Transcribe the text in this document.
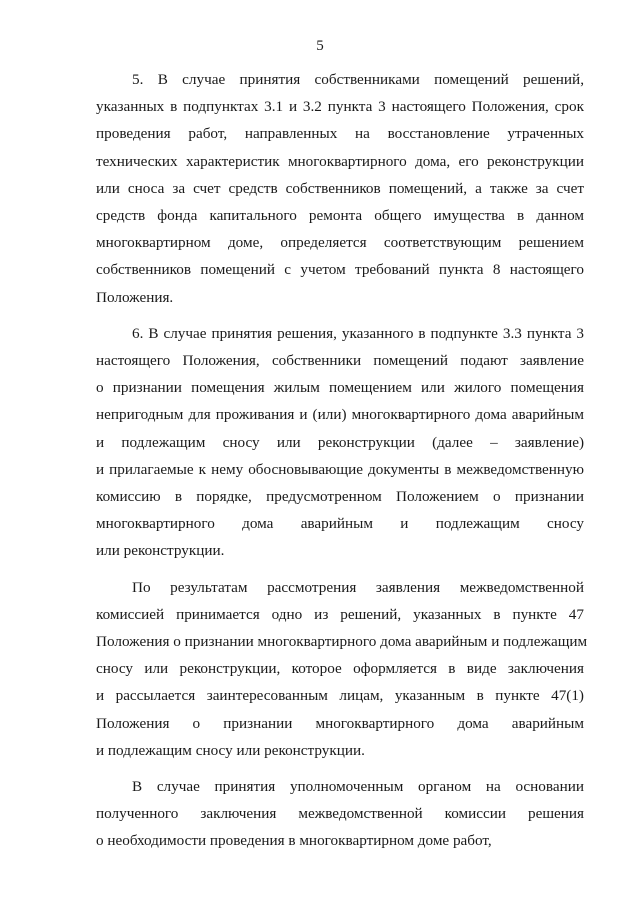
5
5. В случае принятия собственниками помещений решений,
указанных в подпунктах 3.1 и 3.2 пункта 3 настоящего Положения, срок
проведения работ, направленных на восстановление утраченных
технических характеристик многоквартирного дома, его реконструкции
или сноса за счет средств собственников помещений, а также за счет
средств фонда капитального ремонта общего имущества в данном
многоквартирном доме, определяется соответствующим решением
собственников помещений с учетом требований пункта 8 настоящего
Положения.
6. В случае принятия решения, указанного в подпункте 3.3 пункта 3
настоящего Положения, собственники помещений подают заявление
о признании помещения жилым помещением или жилого помещения
непригодным для проживания и (или) многоквартирного дома аварийным
и подлежащим сносу или реконструкции (далее – заявление)
и прилагаемые к нему обосновывающие документы в межведомственную
комиссию в порядке, предусмотренном Положением о признании
многоквартирного дома аварийным и подлежащим сносу
или реконструкции.
По результатам рассмотрения заявления межведомственной
комиссией принимается одно из решений, указанных в пункте 47
Положения о признании многоквартирного дома аварийным и подлежащим
сносу или реконструкции, которое оформляется в виде заключения
и рассылается заинтересованным лицам, указанным в пункте 47(1)
Положения о признании многоквартирного дома аварийным
и подлежащим сносу или реконструкции.
В случае принятия уполномоченным органом на основании
полученного заключения межведомственной комиссии решения
о необходимости проведения в многоквартирном доме работ,
